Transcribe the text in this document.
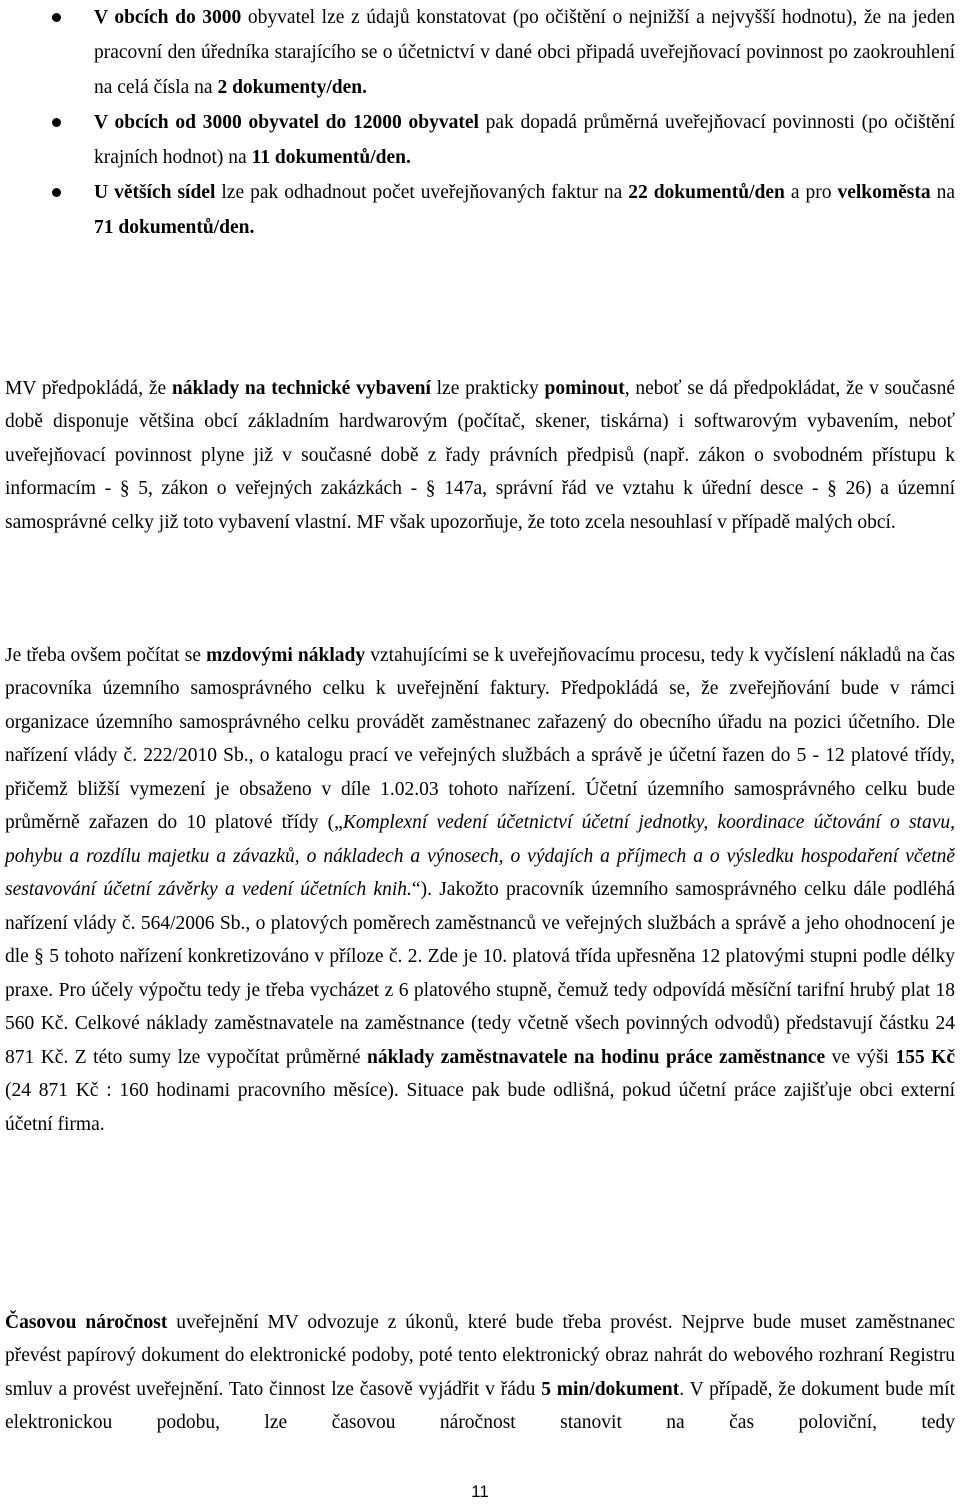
V obcích do 3000 obyvatel lze z údajů konstatovat (po očištění o nejnižší a nejvyšší hodnotu), že na jeden pracovní den úředníka starajícího se o účetnictví v dané obci připadá uveřejňovací povinnost po zaokrouhlení na celá čísla na 2 dokumenty/den.
V obcích od 3000 obyvatel do 12000 obyvatel pak dopadá průměrná uveřejňovací povinnosti (po očištění krajních hodnot) na 11 dokumentů/den.
U větších sídel lze pak odhadnout počet uveřejňovaných faktur na 22 dokumentů/den a pro velkoměsta na 71 dokumentů/den.

MV předpokládá, že náklady na technické vybavení lze prakticky pominout, neboť se dá předpokládat, že v současné době disponuje většina obcí základním hardwarovým (počítač, skener, tiskárna) i softwarovým vybavením, neboť uveřejňovací povinnost plyne již v současné době z řady právních předpisů (např. zákon o svobodném přístupu k informacím - § 5, zákon o veřejných zakázkách - § 147a, správní řád ve vztahu k úřední desce - § 26) a územní samosprávné celky již toto vybavení vlastní. MF však upozorňuje, že toto zcela nesouhlasí v případě malých obcí.

Je třeba ovšem počítat se mzdovými náklady vztahujícími se k uveřejňovacímu procesu, tedy k vyčíslení nákladů na čas pracovníka územního samosprávného celku k uveřejnění faktury. Předpokládá se, že zveřejňování bude v rámci organizace územního samosprávného celku provádět zaměstnanec zařazený do obecního úřadu na pozici účetního. Dle nařízení vlády č. 222/2010 Sb., o katalogu prací ve veřejných službách a správě je účetní řazen do 5 - 12 platové třídy, přičemž bližší vymezení je obsaženo v díle 1.02.03 tohoto nařízení. Účetní územního samosprávného celku bude průměrně zařazen do 10 platové třídy („Komplexní vedení účetnictví účetní jednotky, koordinace účtování o stavu, pohybu a rozdílu majetku a závazků, o nákladech a výnosech, o výdajích a příjmech a o výsledku hospodaření včetně sestavování účetní závěrky a vedení účetních knih.“). Jakožto pracovník územního samosprávného celku dále podléhá nařízení vlády č. 564/2006 Sb., o platových poměrech zaměstnanců ve veřejných službách a správě a jeho ohodnocení je dle § 5 tohoto nařízení konkretizováno v příloze č. 2. Zde je 10. platová třída upřesněna 12 platovými stupni podle délky praxe. Pro účely výpočtu tedy je třeba vycházet z 6 platového stupně, čemuž tedy odpovídá měsíční tarifní hrubý plat 18 560 Kč. Celkové náklady zaměstnavatele na zaměstnance (tedy včetně všech povinných odvodů) představují částku 24 871 Kč. Z této sumy lze vypočítat průměrné náklady zaměstnavatele na hodinu práce zaměstnance ve výši 155 Kč (24 871 Kč : 160 hodinami pracovního měsíce). Situace pak bude odlišná, pokud účetní práce zajišťuje obci externí účetní firma.

Časovou náročnost uveřejnění MV odvozuje z úkonů, které bude třeba provést. Nejprve bude muset zaměstnanec převést papírový dokument do elektronické podoby, poté tento elektronický obraz nahrát do webového rozhraní Registru smluv a provést uveřejnění. Tato činnost lze časově vyjádřit v řádu 5 min/dokument. V případě, že dokument bude mít elektronickou podobu, lze časovou náročnost stanovit na čas poloviční, tedy

11
